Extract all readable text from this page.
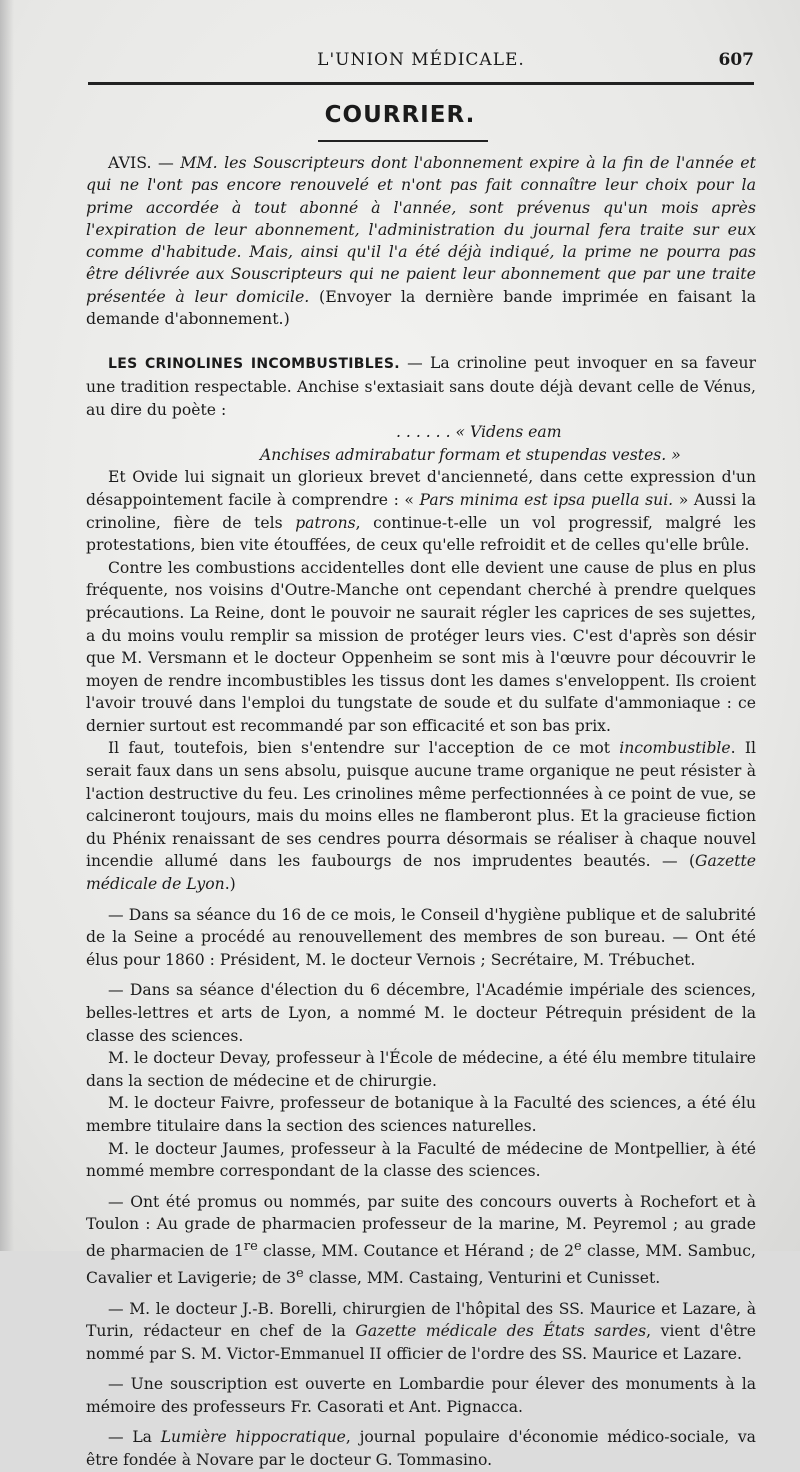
L'UNION MÉDICALE.	607
COURRIER.

AVIS. — MM. les Souscripteurs dont l'abonnement expire à la fin de l'année et qui ne l'ont pas encore renouvelé et n'ont pas fait connaître leur choix pour la prime accordée à tout abonné à l'année, sont prévenus qu'un mois après l'expiration de leur abonnement, l'administration du journal fera traite sur eux comme d'habitude. Mais, ainsi qu'il l'a été déjà indiqué, la prime ne pourra pas être délivrée aux Souscripteurs qui ne paient leur abonnement que par une traite présentée à leur domicile. (Envoyer la dernière bande imprimée en faisant la demande d'abonnement.)

LES CRINOLINES INCOMBUSTIBLES. — La crinoline peut invoquer en sa faveur une tradition respectable. Anchise s'extasiait sans doute déjà devant celle de Vénus, au dire du poète :

. . . . . . « Videns eam

Anchises admirabatur formam et stupendas vestes. »

Et Ovide lui signait un glorieux brevet d'ancienneté, dans cette expression d'un désappointement facile à comprendre : « Pars minima est ipsa puella sui. » Aussi la crinoline, fière de tels patrons, continue-t-elle un vol progressif, malgré les protestations, bien vite étouffées, de ceux qu'elle refroidit et de celles qu'elle brûle.

Contre les combustions accidentelles dont elle devient une cause de plus en plus fréquente, nos voisins d'Outre-Manche ont cependant cherché à prendre quelques précautions. La Reine, dont le pouvoir ne saurait régler les caprices de ses sujettes, a du moins voulu remplir sa mission de protéger leurs vies. C'est d'après son désir que M. Versmann et le docteur Oppenheim se sont mis à l'œuvre pour découvrir le moyen de rendre incombustibles les tissus dont les dames s'enveloppent. Ils croient l'avoir trouvé dans l'emploi du tungstate de soude et du sulfate d'ammoniaque : ce dernier surtout est recommandé par son efficacité et son bas prix.

Il faut, toutefois, bien s'entendre sur l'acception de ce mot incombustible. Il serait faux dans un sens absolu, puisque aucune trame organique ne peut résister à l'action destructive du feu. Les crinolines même perfectionnées à ce point de vue, se calcineront toujours, mais du moins elles ne flamberont plus. Et la gracieuse fiction du Phénix renaissant de ses cendres pourra désormais se réaliser à chaque nouvel incendie allumé dans les faubourgs de nos imprudentes beautés. — (Gazette médicale de Lyon.)

— Dans sa séance du 16 de ce mois, le Conseil d'hygiène publique et de salubrité de la Seine a procédé au renouvellement des membres de son bureau. — Ont été élus pour 1860 : Président, M. le docteur Vernois ; Secrétaire, M. Trébuchet.

— Dans sa séance d'élection du 6 décembre, l'Académie impériale des sciences, belles-lettres et arts de Lyon, a nommé M. le docteur Pétrequin président de la classe des sciences.

M. le docteur Devay, professeur à l'École de médecine, a été élu membre titulaire dans la section de médecine et de chirurgie.

M. le docteur Faivre, professeur de botanique à la Faculté des sciences, a été élu membre titulaire dans la section des sciences naturelles.

M. le docteur Jaumes, professeur à la Faculté de médecine de Montpellier, à été nommé membre correspondant de la classe des sciences.

— Ont été promus ou nommés, par suite des concours ouverts à Rochefort et à Toulon : Au grade de pharmacien professeur de la marine, M. Peyremol ; au grade de pharmacien de 1re classe, MM. Coutance et Hérand ; de 2e classe, MM. Sambuc, Cavalier et Lavigerie; de 3e classe, MM. Castaing, Venturini et Cunisset.

— M. le docteur J.-B. Borelli, chirurgien de l'hôpital des SS. Maurice et Lazare, à Turin, rédacteur en chef de la Gazette médicale des États sardes, vient d'être nommé par S. M. Victor-Emmanuel II officier de l'ordre des SS. Maurice et Lazare.

— Une souscription est ouverte en Lombardie pour élever des monuments à la mémoire des professeurs Fr. Casorati et Ant. Pignacca.

— La Lumière hippocratique, journal populaire d'économie médico-sociale, va être fondée à Novare par le docteur G. Tommasino.
